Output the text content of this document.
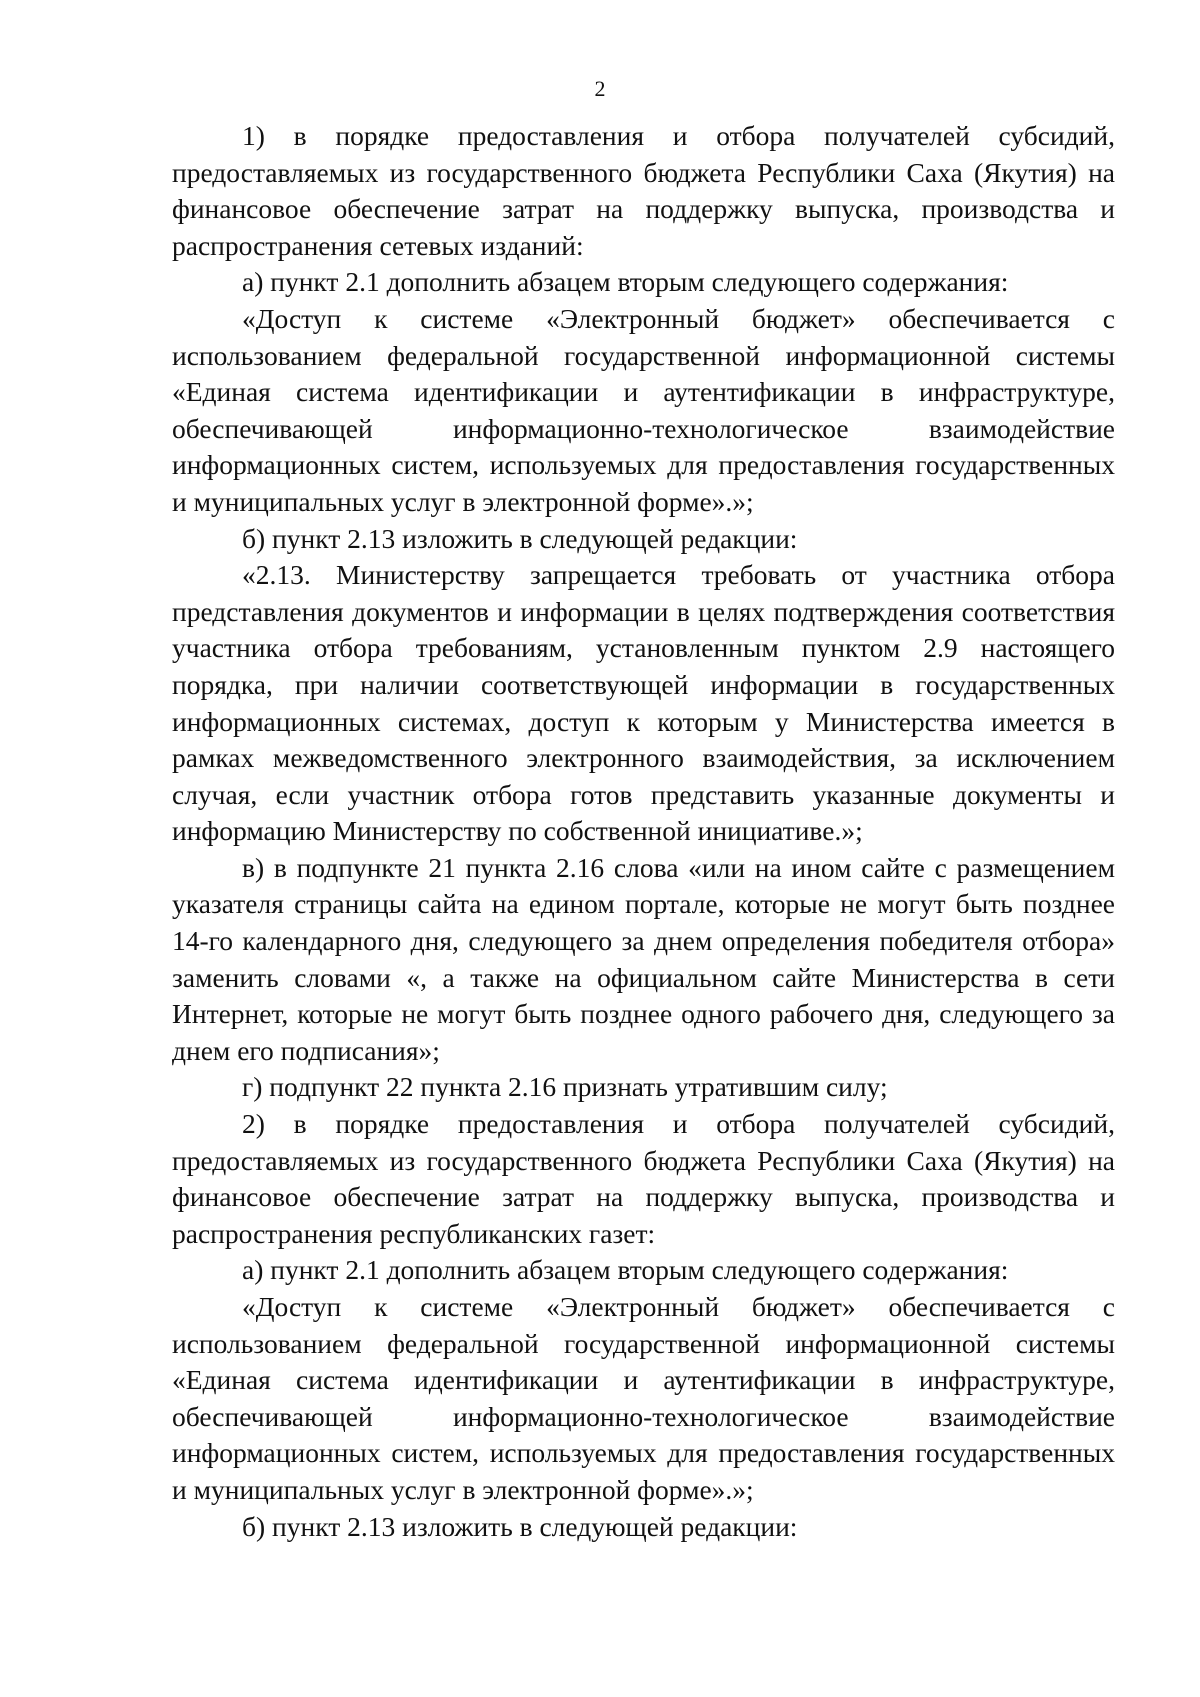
2

1) в порядке предоставления и отбора получателей субсидий, предоставляемых из государственного бюджета Республики Саха (Якутия) на финансовое обеспечение затрат на поддержку выпуска, производства и распространения сетевых изданий:

а) пункт 2.1 дополнить абзацем вторым следующего содержания:

«Доступ к системе «Электронный бюджет» обеспечивается с использованием федеральной государственной информационной системы «Единая система идентификации и аутентификации в инфраструктуре, обеспечивающей информационно-технологическое взаимодействие информационных систем, используемых для предоставления государственных и муниципальных услуг в электронной форме».»;

б) пункт 2.13 изложить в следующей редакции:

«2.13. Министерству запрещается требовать от участника отбора представления документов и информации в целях подтверждения соответствия участника отбора требованиям, установленным пунктом 2.9 настоящего порядка, при наличии соответствующей информации в государственных информационных системах, доступ к которым у Министерства имеется в рамках межведомственного электронного взаимодействия, за исключением случая, если участник отбора готов представить указанные документы и информацию Министерству по собственной инициативе.»;

в) в подпункте 21 пункта 2.16 слова «или на ином сайте с размещением указателя страницы сайта на едином портале, которые не могут быть позднее 14-го календарного дня, следующего за днем определения победителя отбора» заменить словами «, а также на официальном сайте Министерства в сети Интернет, которые не могут быть позднее одного рабочего дня, следующего за днем его подписания»;

г) подпункт 22 пункта 2.16 признать утратившим силу;

2) в порядке предоставления и отбора получателей субсидий, предоставляемых из государственного бюджета Республики Саха (Якутия) на финансовое обеспечение затрат на поддержку выпуска, производства и распространения республиканских газет:

а) пункт 2.1 дополнить абзацем вторым следующего содержания:

«Доступ к системе «Электронный бюджет» обеспечивается с использованием федеральной государственной информационной системы «Единая система идентификации и аутентификации в инфраструктуре, обеспечивающей информационно-технологическое взаимодействие информационных систем, используемых для предоставления государственных и муниципальных услуг в электронной форме».»;

б) пункт 2.13 изложить в следующей редакции:
